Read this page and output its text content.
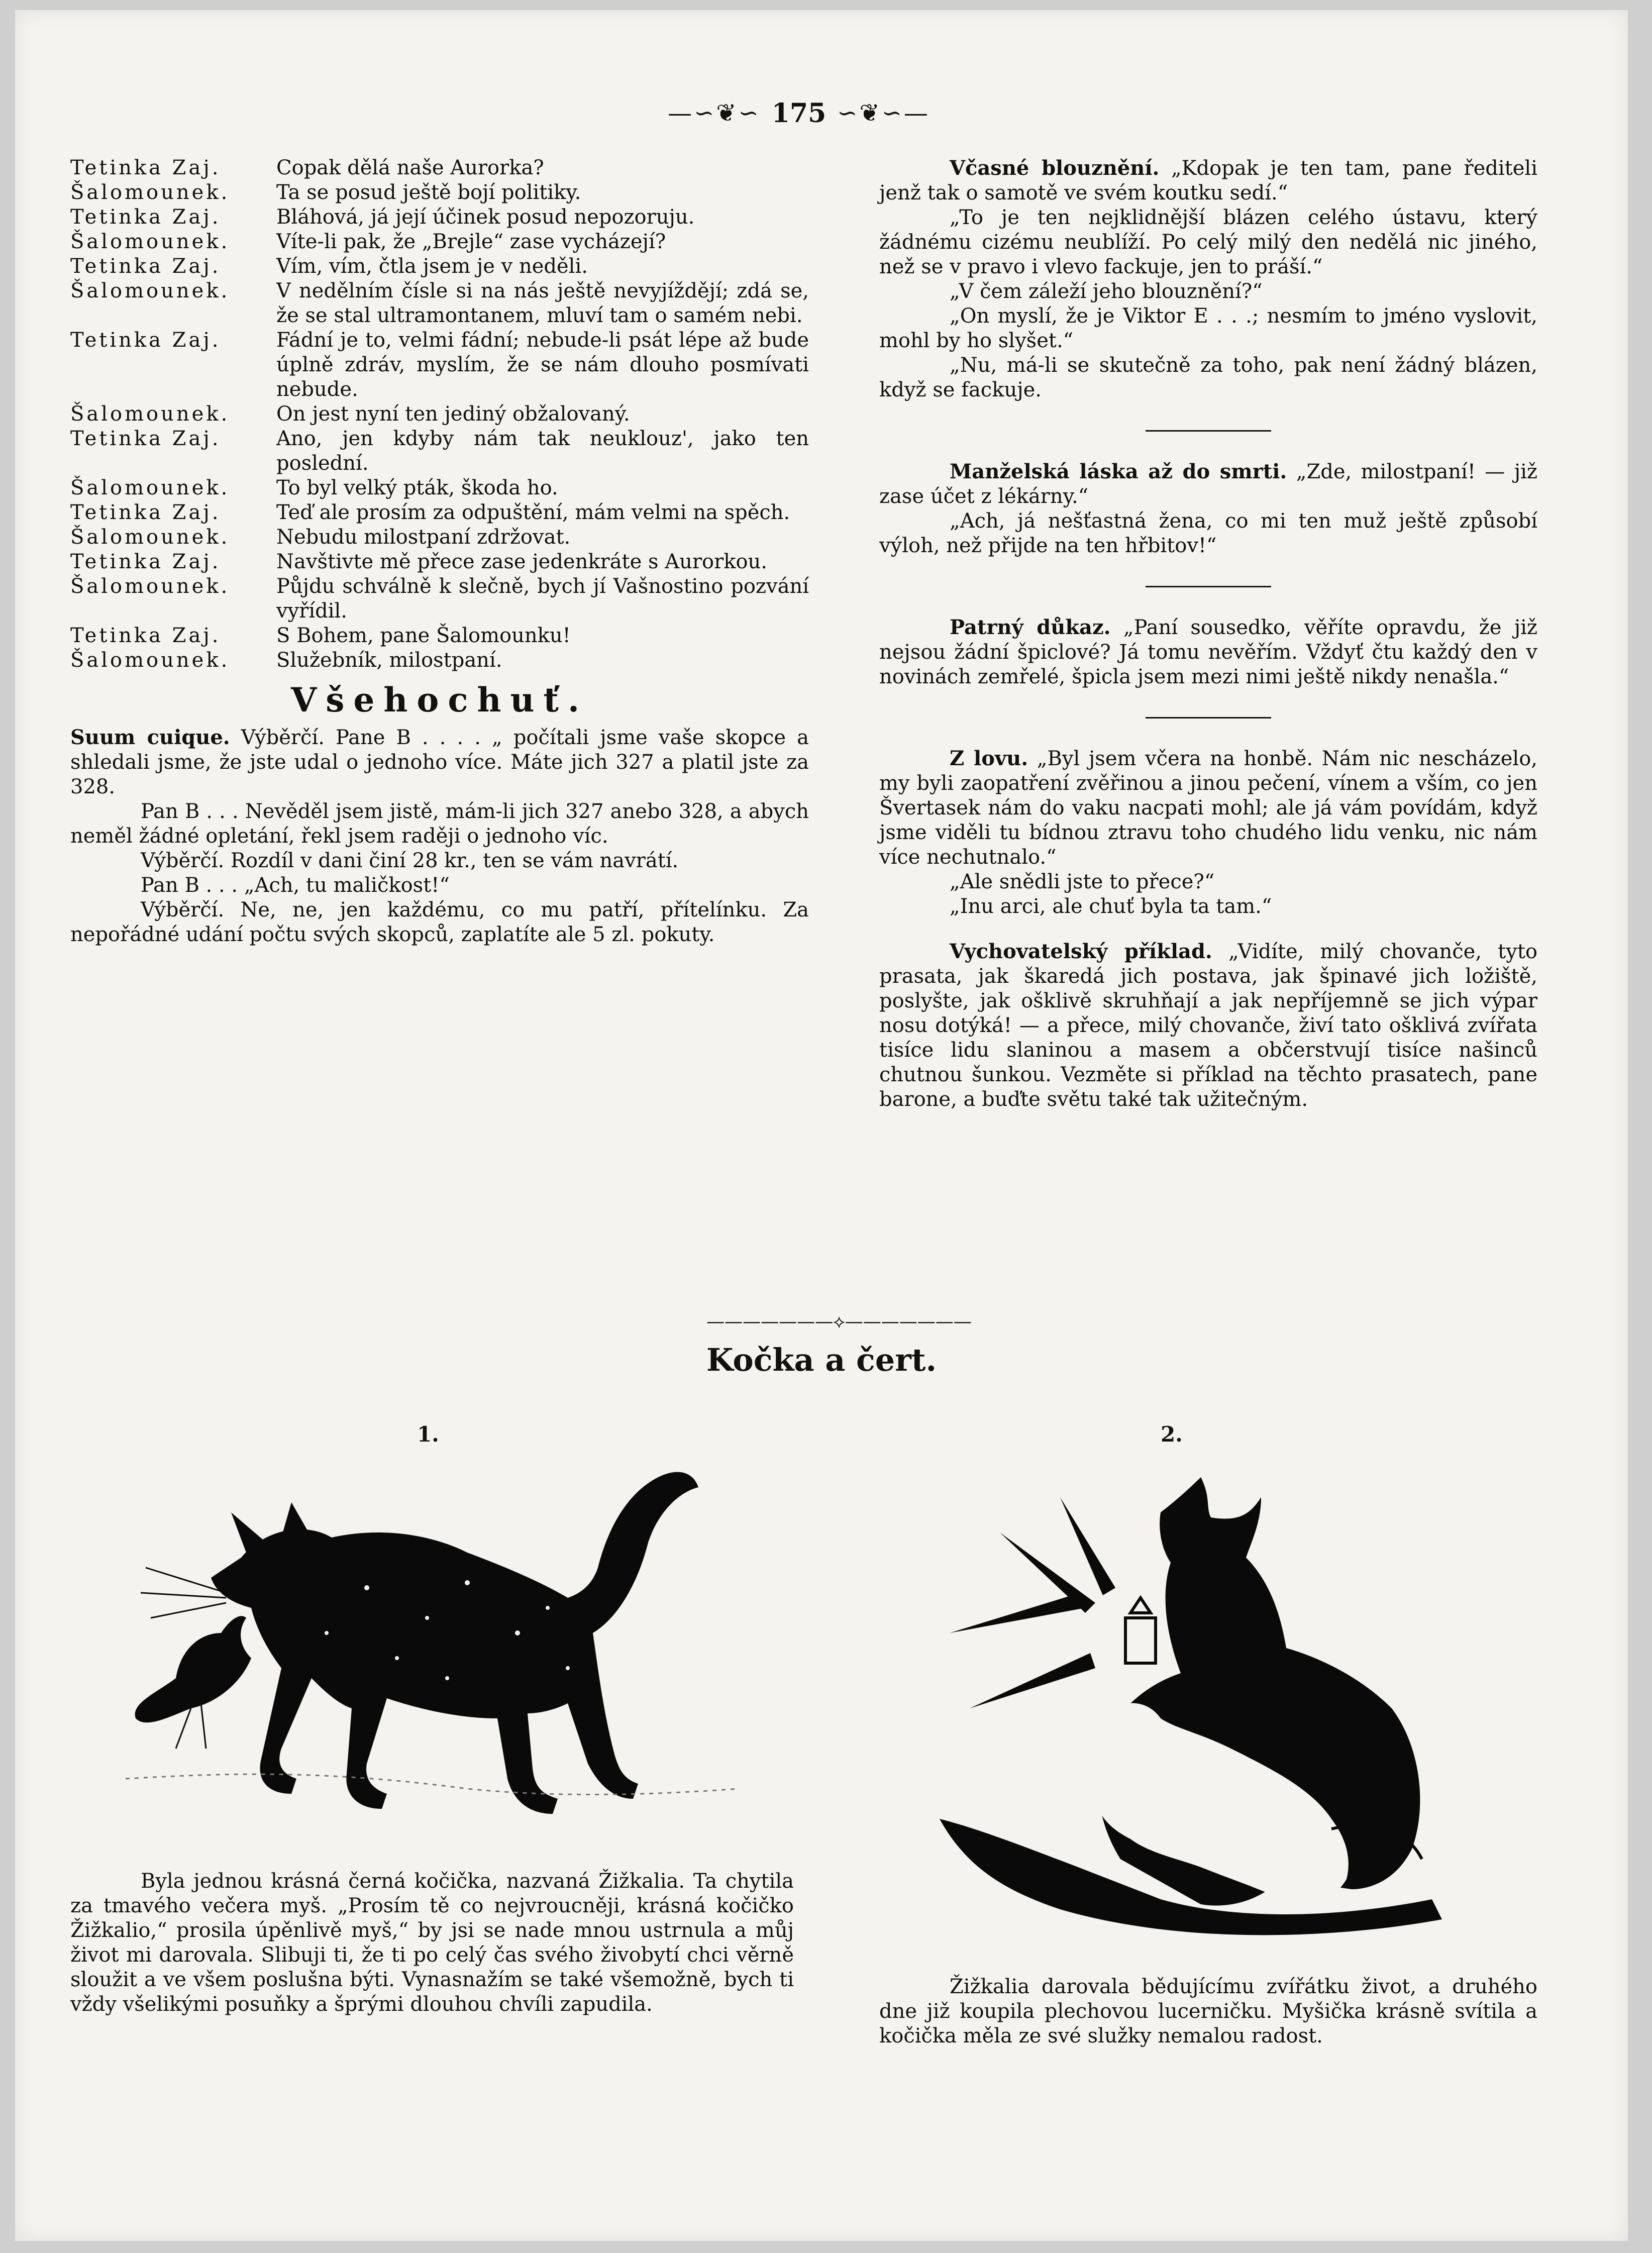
—∽❦∽ 175 ∽❦∽—
Tetinka Zaj.	Copak dělá naše Aurorka?
Šalomounek.	Ta se posud ještě bojí politiky.
Tetinka Zaj.	Bláhová, já její účinek posud nepozoruju.
Šalomounek.	Víte-li pak, že „Brejle“ zase vycházejí?
Tetinka Zaj.	Vím, vím, čtla jsem je v neděli.
Šalomounek.	V nedělním čísle si na nás ještě nevyjíždějí; zdá se, že se stal ultramontanem, mluví tam o samém nebi.
Tetinka Zaj.	Fádní je to, velmi fádní; nebude-li psát lépe až bude úplně zdráv, myslím, že se nám dlouho posmívati nebude.
Šalomounek.	On jest nyní ten jediný obžalovaný.
Tetinka Zaj.	Ano, jen kdyby nám tak neuklouz', jako ten poslední.
Šalomounek.	To byl velký pták, škoda ho.
Tetinka Zaj.	Teď ale prosím za odpuštění, mám velmi na spěch.
Šalomounek.	Nebudu milostpaní zdržovat.
Tetinka Zaj.	Navštivte mě přece zase jedenkráte s Aurorkou.
Šalomounek.	Půjdu schválně k slečně, bych jí Vašnostino pozvání vyřídil.
Tetinka Zaj.	S Bohem, pane Šalomounku!
Šalomounek.	Služebník, milostpaní.
Všehochuť.

Suum cuique. Výběrčí. Pane B . . . . „ počítali jsme vaše skopce a shledali jsme, že jste udal o jednoho více. Máte jich 327 a platil jste za 328.

Pan B . . . Nevěděl jsem jistě, mám-li jich 327 anebo 328, a abych neměl žádné opletání, řekl jsem raději o jednoho víc.

Výběrčí. Rozdíl v dani činí 28 kr., ten se vám navrátí.

Pan B . . . „Ach, tu maličkost!“

Výběrčí. Ne, ne, jen každému, co mu patří, přítelínku. Za nepořádné udání počtu svých skopců, zaplatíte ale 5 zl. pokuty.

Včasné blouznění. „Kdopak je ten tam, pane řediteli jenž tak o samotě ve svém koutku sedí.“

„To je ten nejklidnější blázen celého ústavu, který žádnému cizému neublíží. Po celý milý den nedělá nic jiného, než se v pravo i vlevo fackuje, jen to práší.“

„V čem záleží jeho blouznění?“

„On myslí, že je Viktor E . . .; nesmím to jméno vyslovit, mohl by ho slyšet.“

„Nu, má-li se skutečně za toho, pak není žádný blázen, když se fackuje.

Manželská láska až do smrti. „Zde, milostpaní! — již zase účet z lékárny.“

„Ach, já nešťastná žena, co mi ten muž ještě způsobí výloh, než přijde na ten hřbitov!“

Patrný důkaz. „Paní sousedko, věříte opravdu, že již nejsou žádní špiclové? Já tomu nevěřím. Vždyť čtu každý den v novinách zemřelé, špicla jsem mezi nimi ještě nikdy nenašla.“

Z lovu. „Byl jsem včera na honbě. Nám nic nescházelo, my byli zaopatření zvěřinou a jinou pečení, vínem a vším, co jen Švertasek nám do vaku nacpati mohl; ale já vám povídám, když jsme viděli tu bídnou ztravu toho chudého lidu venku, nic nám více nechutnalo.“

„Ale snědli jste to přece?“

„Inu arci, ale chuť byla ta tam.“

Vychovatelský příklad. „Vidíte, milý chovanče, tyto prasata, jak škaredá jich postava, jak špinavé jich ložiště, poslyšte, jak ošklivě skruhňají a jak nepříjemně se jich výpar nosu dotýká! — a přece, milý chovanče, živí tato ošklivá zvířata tisíce lidu slaninou a masem a občerstvují tisíce našinců chutnou šunkou. Vezměte si příklad na těchto prasatech, pane barone, a buďte světu také tak užitečným.

———————⟡———————
Kočka a čert.
1.	2.

Byla jednou krásná černá kočička, nazvaná Žižkalia. Ta chytila za tmavého večera myš. „Prosím tě co nejvroucněji, krásná kočičko Žižkalio,“ prosila úpěnlivě myš,“ by jsi se nade mnou ustrnula a můj život mi darovala. Slibuji ti, že ti po celý čas svého živobytí chci věrně sloužit a ve všem poslušna býti. Vynasnažím se také všemožně, bych ti vždy všelikými posuňky a šprými dlouhou chvíli zapudila.

Žižkalia darovala bědujícímu zvířátku život, a druhého dne již koupila plechovou lucerničku. Myšička krásně svítila a kočička měla ze své služky nemalou radost.
